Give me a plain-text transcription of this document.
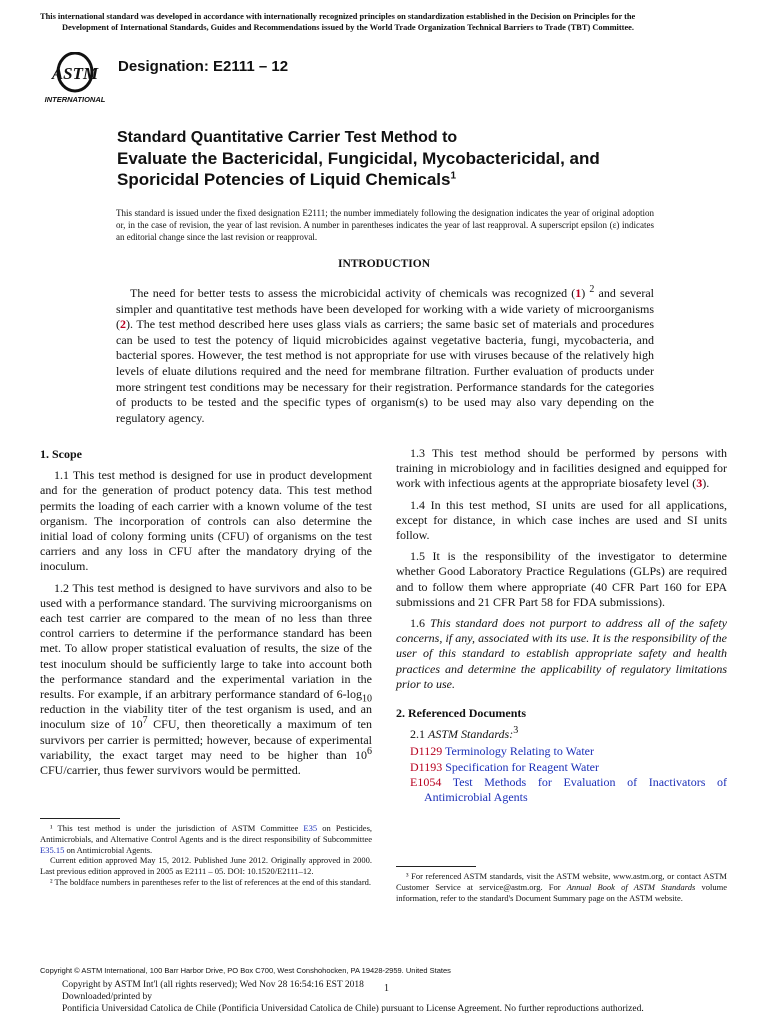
This international standard was developed in accordance with internationally recognized principles on standardization established in the Decision on Principles for the
Development of International Standards, Guides and Recommendations issued by the World Trade Organization Technical Barriers to Trade (TBT) Committee.
ASTM
INTERNATIONAL
Designation: E2111 – 12
Standard Quantitative Carrier Test Method to
Evaluate the Bactericidal, Fungicidal, Mycobactericidal, and
Sporicidal Potencies of Liquid Chemicals$^1$
This standard is issued under the fixed designation E2111; the number immediately following the designation indicates the year of original adoption or, in the case of revision, the year of last revision. A number in parentheses indicates the year of last reapproval. A superscript epsilon (ε) indicates an editorial change since the last revision or reapproval.
INTRODUCTION
The need for better tests to assess the microbicidal activity of chemicals was recognized (1) $^2$ and several simpler and quantitative test methods have been developed for working with a wide variety of microorganisms (2). The test method described here uses glass vials as carriers; the same basic set of materials and procedures can be used to test the potency of liquid microbicides against vegetative bacteria, fungi, mycobacteria, and bacterial spores. However, the test method is not appropriate for use with viruses because of the relatively high levels of eluate dilutions required and the need for membrane filtration. Further evaluation of products under more stringent test conditions may be necessary for their registration. Performance standards for the categories of products to be tested and the specific types of organism(s) to be used may also vary depending on the regulatory agency.

1. Scope

1.1 This test method is designed for use in product development and for the generation of product potency data. This test method permits the loading of each carrier with a known volume of the test organism. The incorporation of controls can also determine the initial load of colony forming units (CFU) of organisms on the test carriers and any loss in CFU after the mandatory drying of the inoculum.

1.2 This test method is designed to have survivors and also to be used with a performance standard. The surviving microorganisms on each test carrier are compared to the mean of no less than three control carriers to determine if the performance standard has been met. To allow proper statistical evaluation of results, the size of the test inoculum should be sufficiently large to take into account both the performance standard and the experimental variation in the results. For example, if an arbitrary performance standard of $6-\log_{10}$ reduction in the viability titer of the test organism is used, and an inoculum size of $10^7$ CFU, then theoretically a maximum of ten survivors per carrier is permitted; however, because of experimental variability, the exact target may need to be higher than $10^6$ CFU/carrier, thus fewer survivors would be permitted.

1.3 This test method should be performed by persons with training in microbiology and in facilities designed and equipped for work with infectious agents at the appropriate biosafety level (3).

1.4 In this test method, SI units are used for all applications, except for distance, in which case inches are used and SI units follow.

1.5 It is the responsibility of the investigator to determine whether Good Laboratory Practice Regulations (GLPs) are required and to follow them where appropriate (40 CFR Part 160 for EPA submissions and 21 CFR Part 58 for FDA submissions).

1.6 This standard does not purport to address all of the safety concerns, if any, associated with its use. It is the responsibility of the user of this standard to establish appropriate safety and health practices and determine the applicability of regulatory limitations prior to use.

2. Referenced Documents

2.1 ASTM Standards:$^3$

D1129 Terminology Relating to Water
D1193 Specification for Reagent Water
E1054 Test Methods for Evaluation of Inactivators of Antimicrobial Agents

¹ This test method is under the jurisdiction of ASTM Committee E35 on Pesticides, Antimicrobials, and Alternative Control Agents and is the direct responsibility of Subcommittee E35.15 on Antimicrobial Agents.

Current edition approved May 15, 2012. Published June 2012. Originally approved in 2000. Last previous edition approved in 2005 as E2111 – 05. DOI: 10.1520/E2111–12.

² The boldface numbers in parentheses refer to the list of references at the end of this standard.

³ For referenced ASTM standards, visit the ASTM website, www.astm.org, or contact ASTM Customer Service at service@astm.org. For Annual Book of ASTM Standards volume information, refer to the standard's Document Summary page on the ASTM website.

Copyright © ASTM International, 100 Barr Harbor Drive, PO Box C700, West Conshohocken, PA 19428-2959. United States
Copyright by ASTM Int'l (all rights reserved); Wed Nov 28 16:54:16 EST 2018
Downloaded/printed by
Pontificia Universidad Catolica de Chile (Pontificia Universidad Catolica de Chile) pursuant to License Agreement. No further reproductions authorized.
1
